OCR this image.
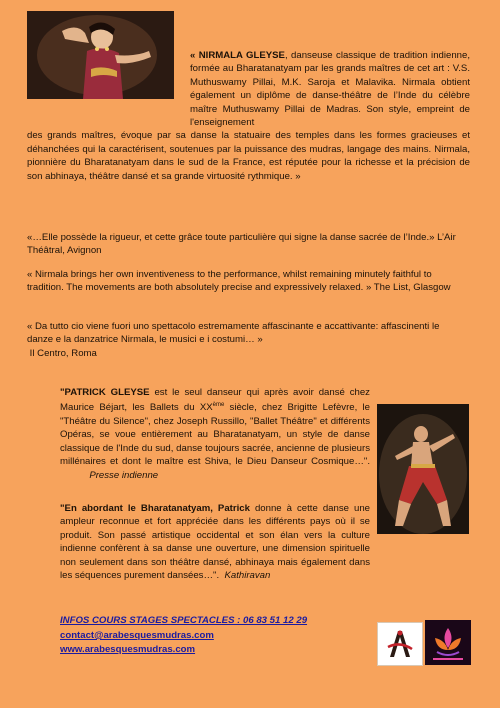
« NIRMALA GLEYSE, danseuse classique de tradition indienne, formée au Bharatanatyam par les grands maîtres de cet art : V.S. Muthuswamy Pillai, M.K. Saroja et Malavika. Nirmala obtient également un diplôme de danse-théâtre de l’Inde du célèbre maître Muthuswamy Pillai de Madras. Son style, empreint de l'enseignement
des grands maîtres, évoque par sa danse la statuaire des temples dans les formes gracieuses et déhanchées qui la caractérisent, soutenues par la puissance des mudras, langage des mains. Nirmala, pionnière du Bharatanatyam dans le sud de la France, est réputée pour la richesse et la précision de son abhinaya, théâtre dansé et sa grande virtuosité rythmique. »
«…Elle possède la rigueur, et cette grâce toute particulière qui signe la danse sacrée de l’Inde.» L’Air Théâtral, Avignon
« Nirmala brings her own inventiveness to the performance, whilst remaining minutely faithful to tradition. The movements are both absolutely precise and expressively relaxed. » The List, Glasgow
« Da tutto cio viene fuori uno spettacolo estremamente affascinante e accattivante: affascinenti le danze e la danzatrice Nirmala, le musici e i costumi… »
Il Centro, Roma
"PATRICK GLEYSE est le seul danseur qui après avoir dansé chez Maurice Béjart, les Ballets du XXème siècle, chez Brigitte Lefèvre, le "Théâtre du Silence", chez Joseph Russillo, "Ballet Théâtre" et différents Opéras, se voue entièrement au Bharatanatyam, un style de danse classique de l'Inde du sud, danse toujours sacrée, ancienne de plusieurs millénaires et dont le maître est Shiva, le Dieu Danseur Cosmique…".            Presse indienne
"En abordant le Bharatanatyam, Patrick donne à cette danse une ampleur reconnue et fort appréciée dans les différents pays où il se produit. Son passé artistique occidental et son élan vers la culture indienne confèrent à sa danse une ouverture, une dimension spirituelle non seulement dans son théâtre dansé, abhinaya mais également dans les séquences purement dansées…". Kathiravan
INFOS COURS STAGES SPECTACLES : 06 83 51 12 29
contact@arabesquesmudras.com
www.arabesquesmudras.com
